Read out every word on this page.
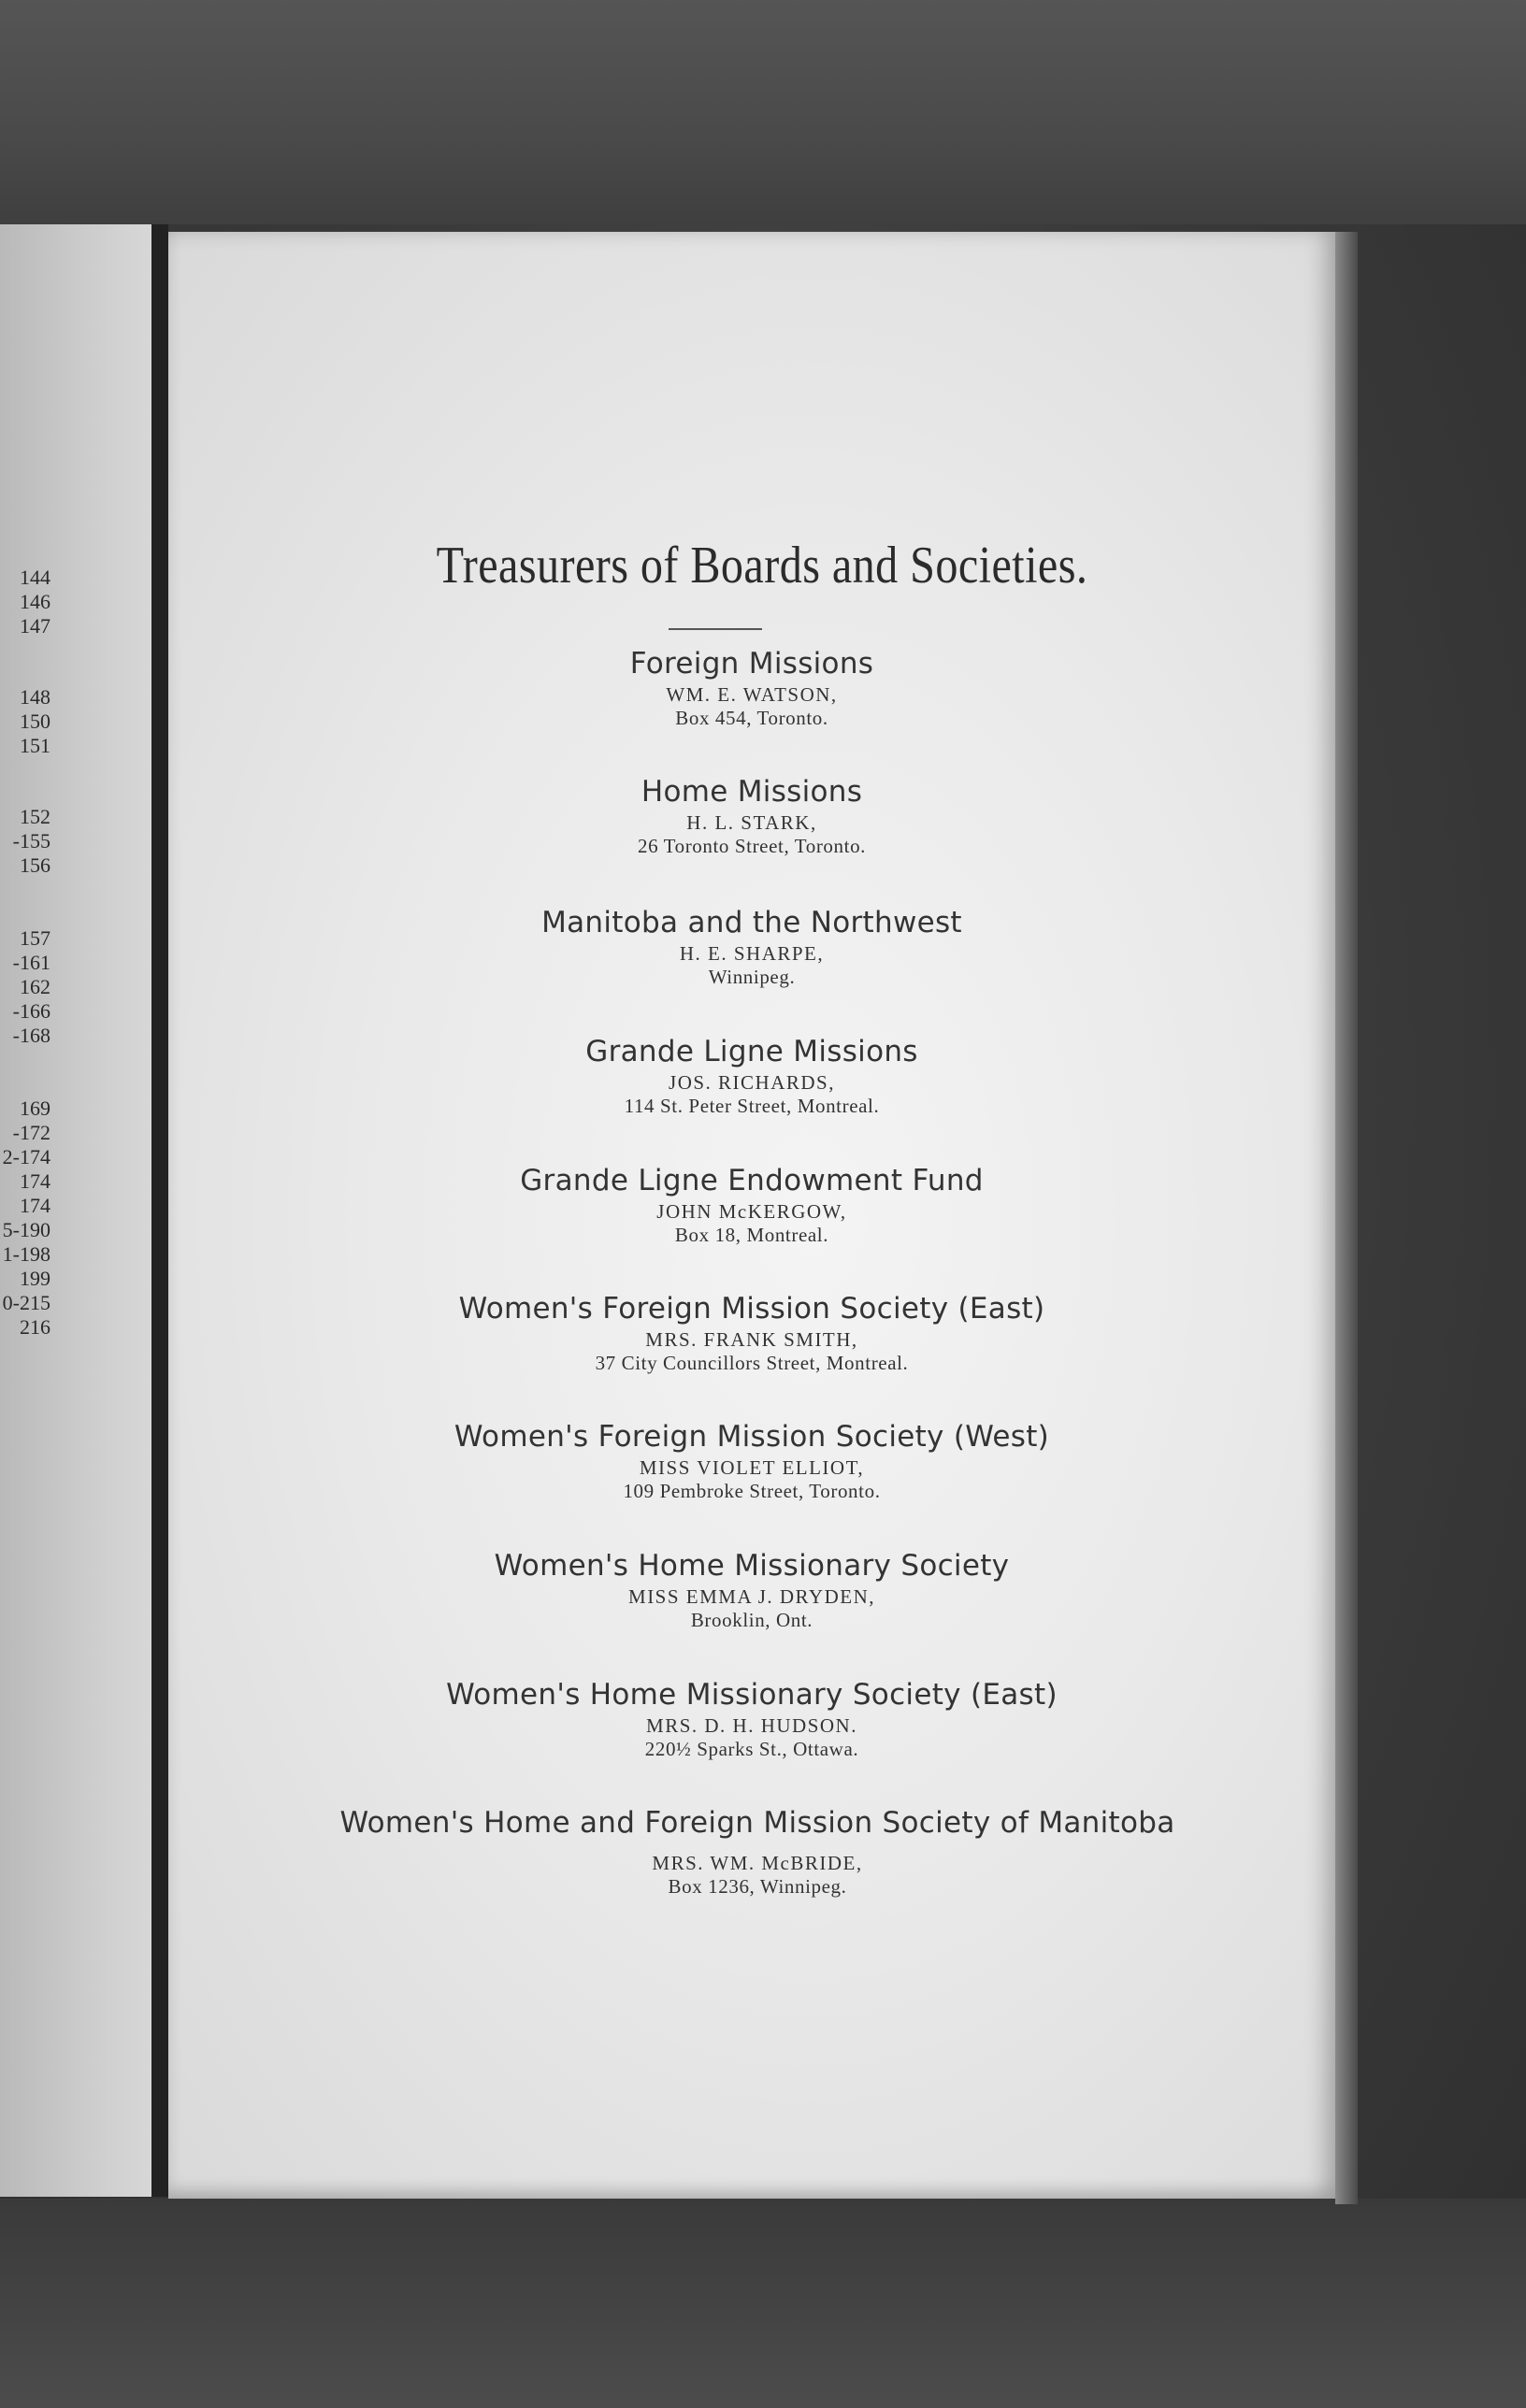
144
146
147
148
150
151
152
-155
156
157
-161
162
-166
-168
169
-172
2-174
174
174
5-190
1-198
199
0-215
216
Treasurers of Boards and Societies.
Foreign Missions
WM. E. WATSON,
Box 454, Toronto.
Home Missions
H. L. STARK,
26 Toronto Street, Toronto.
Manitoba and the Northwest
H. E. SHARPE,
Winnipeg.
Grande Ligne Missions
JOS. RICHARDS,
114 St. Peter Street, Montreal.
Grande Ligne Endowment Fund
JOHN McKERGOW,
Box 18, Montreal.
Women's Foreign Mission Society (East)
MRS. FRANK SMITH,
37 City Councillors Street, Montreal.
Women's Foreign Mission Society (West)
MISS VIOLET ELLIOT,
109 Pembroke Street, Toronto.
Women's Home Missionary Society
MISS EMMA J. DRYDEN,
Brooklin, Ont.
Women's Home Missionary Society (East)
MRS. D. H. HUDSON.
220½ Sparks St., Ottawa.
Women's Home and Foreign Mission Society of Manitoba
MRS. WM. McBRIDE,
Box 1236, Winnipeg.
